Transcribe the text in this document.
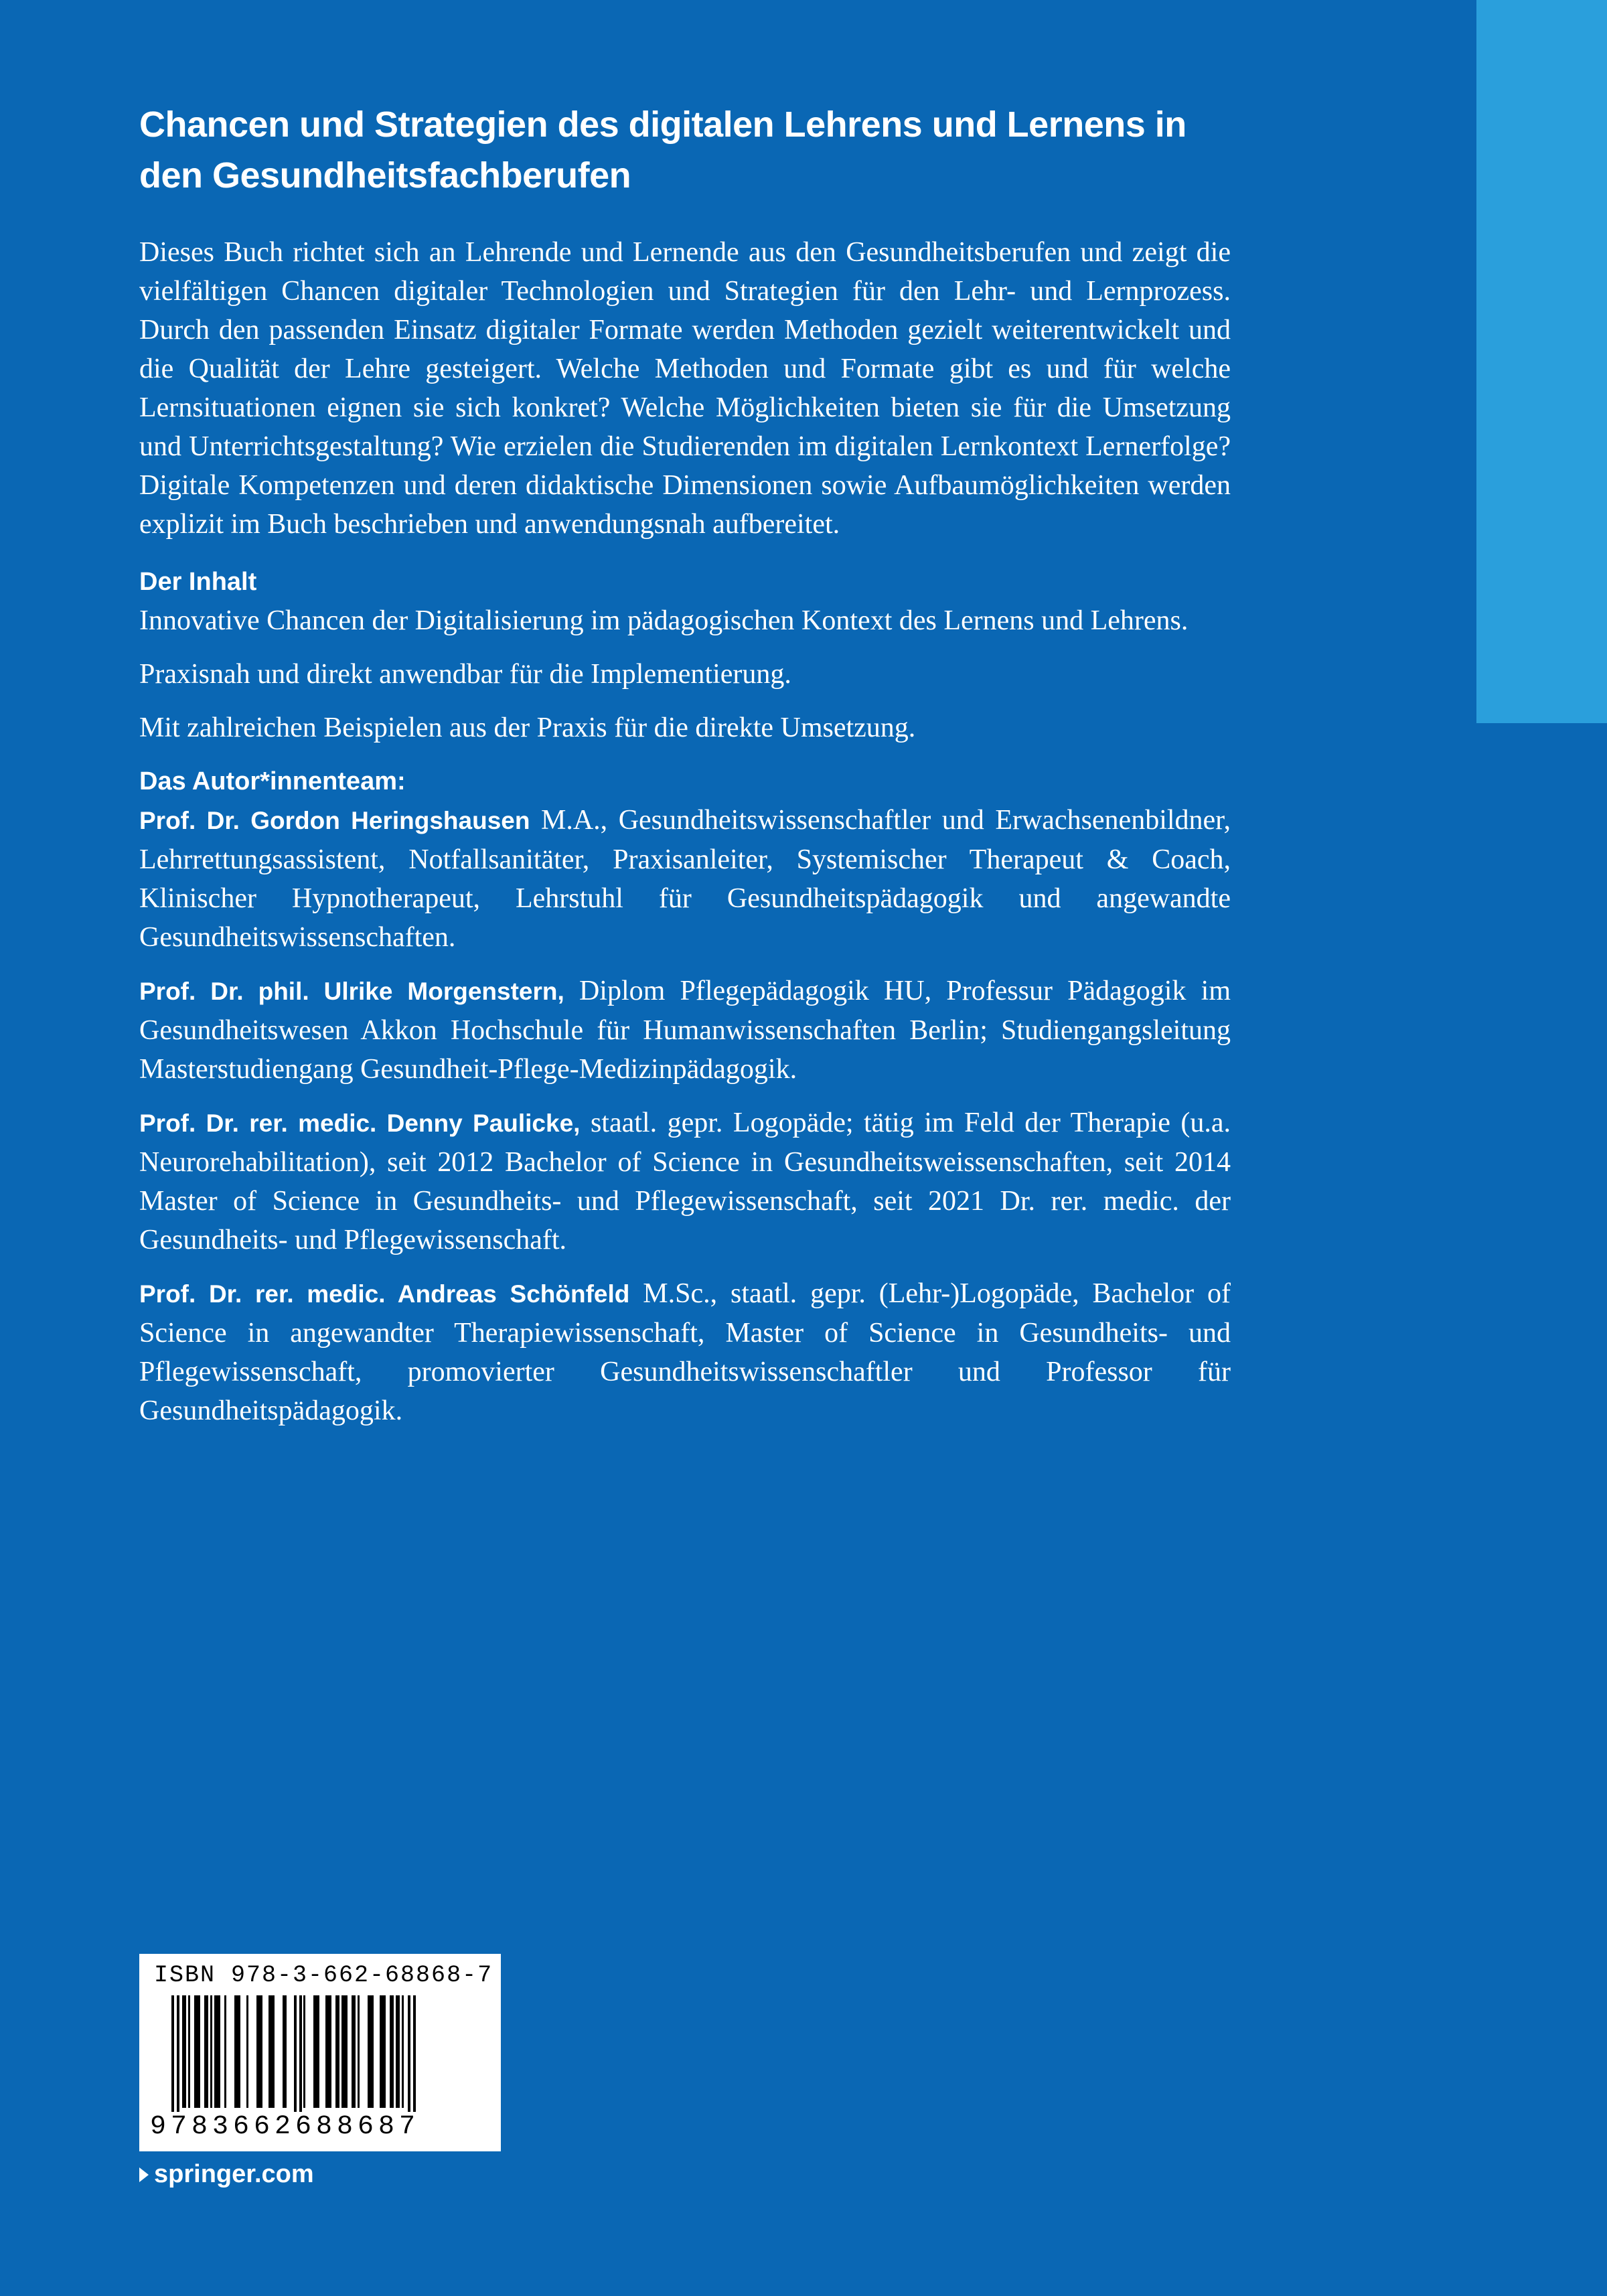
Chancen und Strategien des digitalen Lehrens und Lernens in den Gesundheitsfachberufen

Dieses Buch richtet sich an Lehrende und Lernende aus den Gesundheitsberufen und zeigt die vielfältigen Chancen digitaler Technologien und Strategien für den Lehr- und Lernprozess. Durch den passenden Einsatz digitaler Formate werden Methoden gezielt weiterentwickelt und die Qualität der Lehre gesteigert. Welche Methoden und Formate gibt es und für welche Lernsituationen eignen sie sich konkret? Welche Möglichkeiten bieten sie für die Umsetzung und Unterrichtsgestaltung? Wie erzielen die Studierenden im digitalen Lernkontext Lernerfolge? Digitale Kompetenzen und deren didaktische Dimensionen sowie Aufbaumöglichkeiten werden explizit im Buch beschrieben und anwendungsnah aufbereitet.

Der Inhalt

Innovative Chancen der Digitalisierung im pädagogischen Kontext des Lernens und Lehrens.

Praxisnah und direkt anwendbar für die Implementierung.

Mit zahlreichen Beispielen aus der Praxis für die direkte Umsetzung.

Das Autor*innenteam:

Prof. Dr. Gordon Heringshausen M.A., Gesundheitswissenschaftler und Erwachsenenbildner, Lehrrettungsassistent, Notfallsanitäter, Praxisanleiter, Systemischer Therapeut & Coach, Klinischer Hypnotherapeut, Lehrstuhl für Gesundheitspädagogik und angewandte Gesundheitswissenschaften.

Prof. Dr. phil. Ulrike Morgenstern, Diplom Pflegepädagogik HU, Professur Pädagogik im Gesundheitswesen Akkon Hochschule für Humanwissenschaften Berlin; Studiengangsleitung Masterstudiengang Gesundheit-Pflege-Medizinpädagogik.

Prof. Dr. rer. medic. Denny Paulicke, staatl. gepr. Logopäde; tätig im Feld der Therapie (u.a. Neurorehabilitation), seit 2012 Bachelor of Science in Gesundheitsweissenschaften, seit 2014 Master of Science in Gesundheits- und Pflegewissenschaft, seit 2021 Dr. rer. medic. der Gesundheits- und Pflegewissenschaft.

Prof. Dr. rer. medic. Andreas Schönfeld M.Sc., staatl. gepr. (Lehr-)Logopäde, Bachelor of Science in angewandter Therapiewissenschaft, Master of Science in Gesundheits- und Pflegewissenschaft, promovierter Gesundheitswissenschaftler und Professor für Gesundheitspädagogik.

ISBN 978-3-662-68868-7
9783662688687
springer.com
